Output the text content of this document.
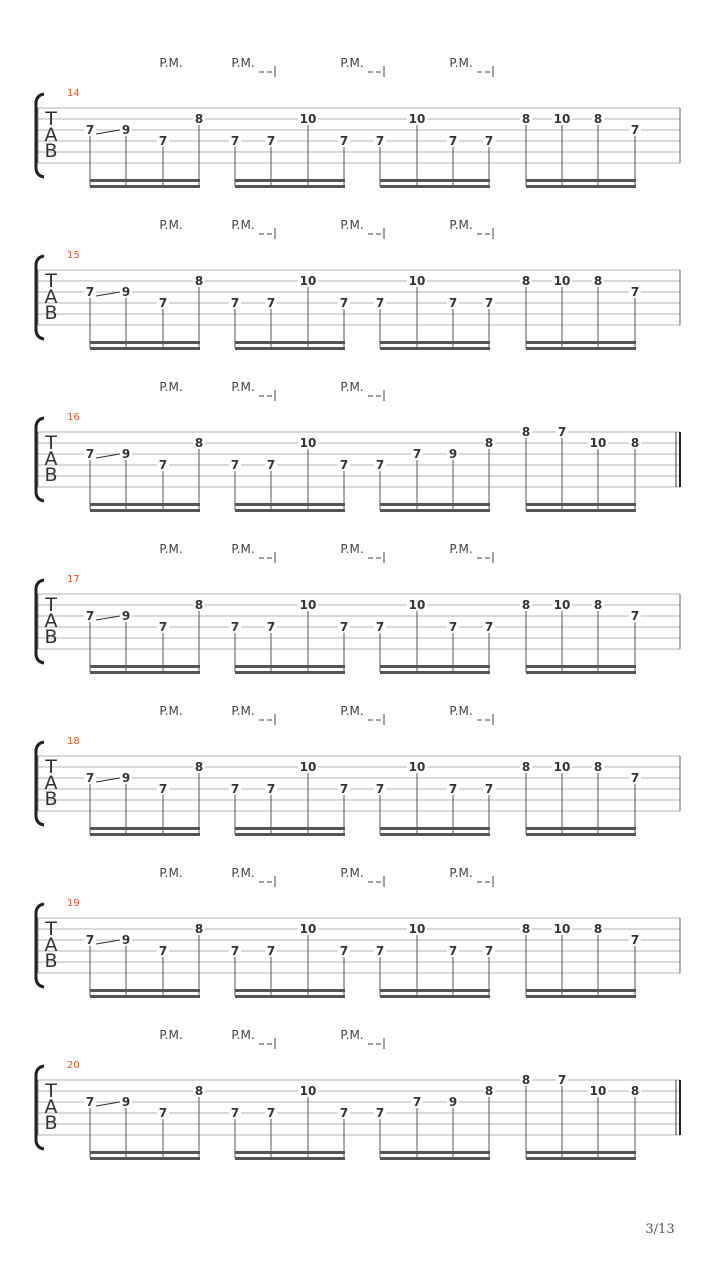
P.M.	P.M.	P.M.	P.M.
14
T
A
B
7 9
7
8
7 7
10
7 7
10
7 7
8 10 8
7
P.M.	P.M.	P.M.	P.M.
15
T
A
B
7 9
7
8
7 7
10
7 7
10
7 7
8 10 8
7
P.M.	P.M.	P.M.
16
T
A
B
7 9
7
8
7 7
10
7 7
7 9
8
8 7
10 8
P.M.	P.M.	P.M.	P.M.
17
T
A
B
7 9
7
8
7 7
10
7 7
10
7 7
8 10 8
7
P.M.	P.M.	P.M.	P.M.
18
T
A
B
7 9
7
8
7 7
10
7 7
10
7 7
8 10 8
7
P.M.	P.M.	P.M.	P.M.
19
T
A
B
7 9
7
8
7 7
10
7 7
10
7 7
8 10 8
7
P.M.	P.M.	P.M.
20
T
A
B
7 9
7
8
7 7
10
7 7
7 9
8
8 7
10 8
3/13
